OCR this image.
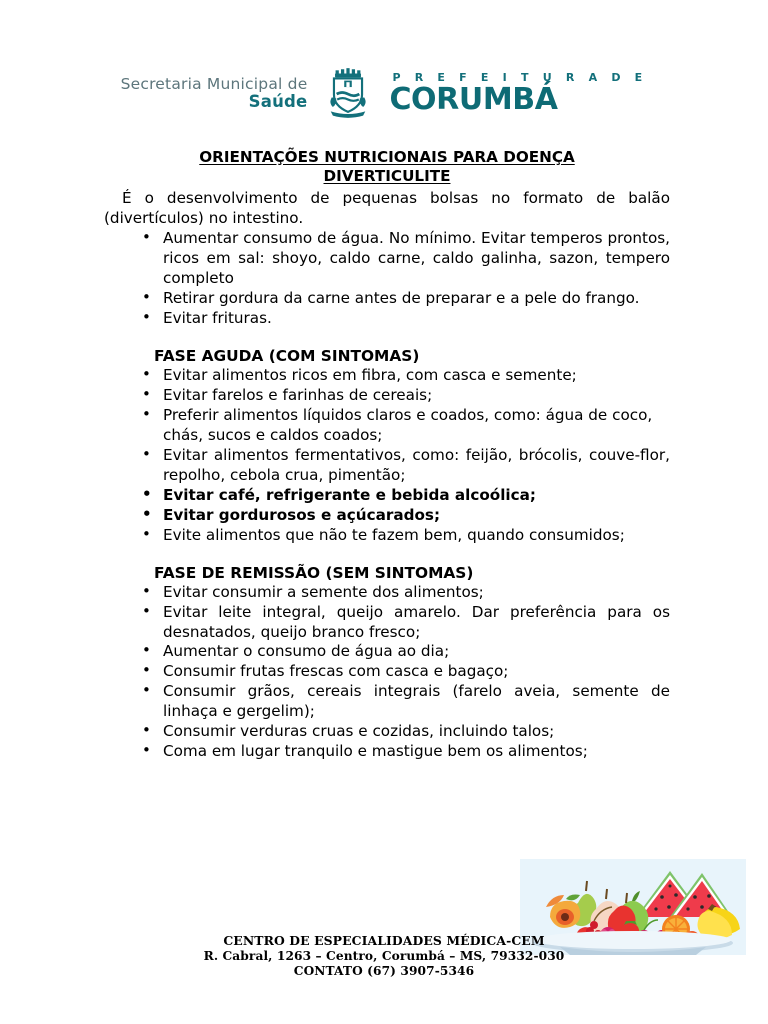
Secretaria Municipal de
Saúde
P R E F E I T U R A D E
CORUMBÁ
ORIENTAÇÕES NUTRICIONAIS PARA DOENÇA
DIVERTICULITE

É o desenvolvimento de pequenas bolsas no formato de balão (divertículos) no intestino.

• Aumentar consumo de água. No mínimo. Evitar temperos prontos, ricos em sal: shoyo, caldo carne, caldo galinha, sazon, tempero completo
• Retirar gordura da carne antes de preparar e a pele do frango.
• Evitar frituras.
FASE AGUDA (COM SINTOMAS)
• Evitar alimentos ricos em fibra, com casca e semente;
• Evitar farelos e farinhas de cereais;
• Preferir alimentos líquidos claros e coados, como: água de coco, chás, sucos e caldos coados;
• Evitar alimentos fermentativos, como: feijão, brócolis, couve-flor, repolho, cebola crua, pimentão;
• Evitar café, refrigerante e bebida alcoólica;
• Evitar gordurosos e açúcarados;
• Evite alimentos que não te fazem bem, quando consumidos;
FASE DE REMISSÃO (SEM SINTOMAS)
• Evitar consumir a semente dos alimentos;
• Evitar leite integral, queijo amarelo. Dar preferência para os desnatados, queijo branco fresco;
• Aumentar o consumo de água ao dia;
• Consumir frutas frescas com casca e bagaço;
• Consumir grãos, cereais integrais (farelo aveia, semente de linhaça e gergelim);
• Consumir verduras cruas e cozidas, incluindo talos;
• Coma em lugar tranquilo e mastigue bem os alimentos;
CENTRO DE ESPECIALIDADES MÉDICA-CEM
R. Cabral, 1263 – Centro, Corumbá – MS, 79332-030
CONTATO (67) 3907-5346
